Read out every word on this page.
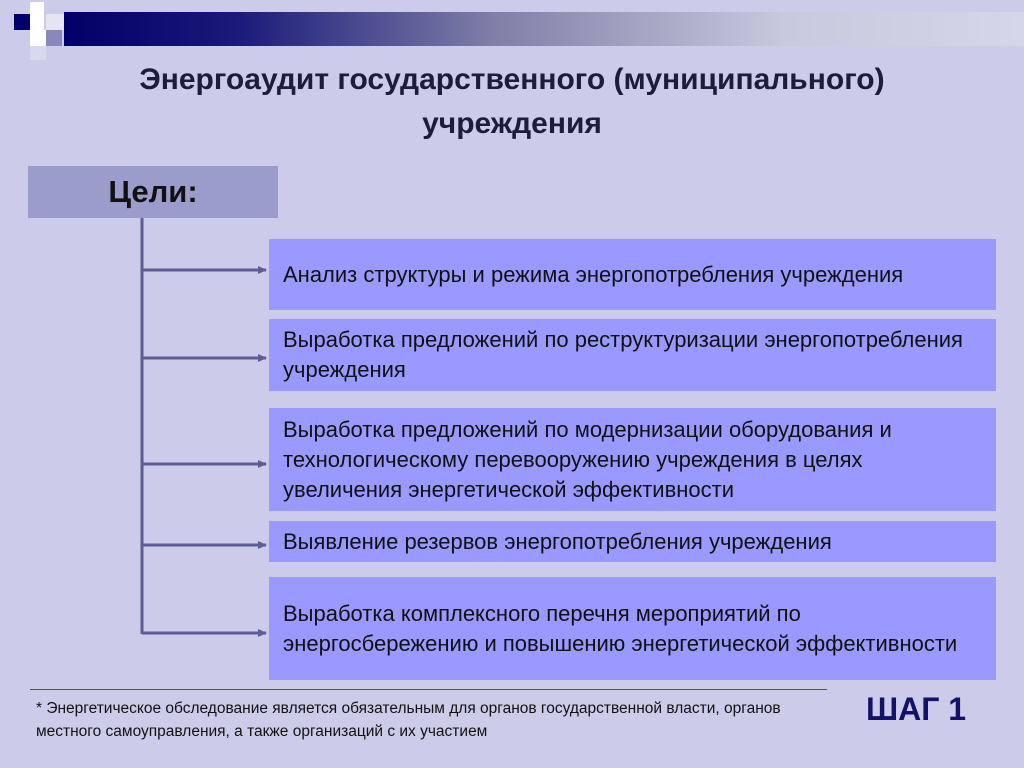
Энергоаудит государственного (муниципального)
учреждения
Цели:
Анализ структуры и режима энергопотребления учреждения
Выработка предложений по реструктуризации энергопотребления учреждения
Выработка предложений по модернизации оборудования и технологическому перевооружению учреждения в целях увеличения энергетической эффективности
Выявление резервов энергопотребления учреждения
Выработка комплексного перечня мероприятий по энергосбережению и повышению энергетической эффективности
* Энергетическое обследование является обязательным для органов государственной власти, органов местного самоуправления, а также организаций с их участием
ШАГ 1
